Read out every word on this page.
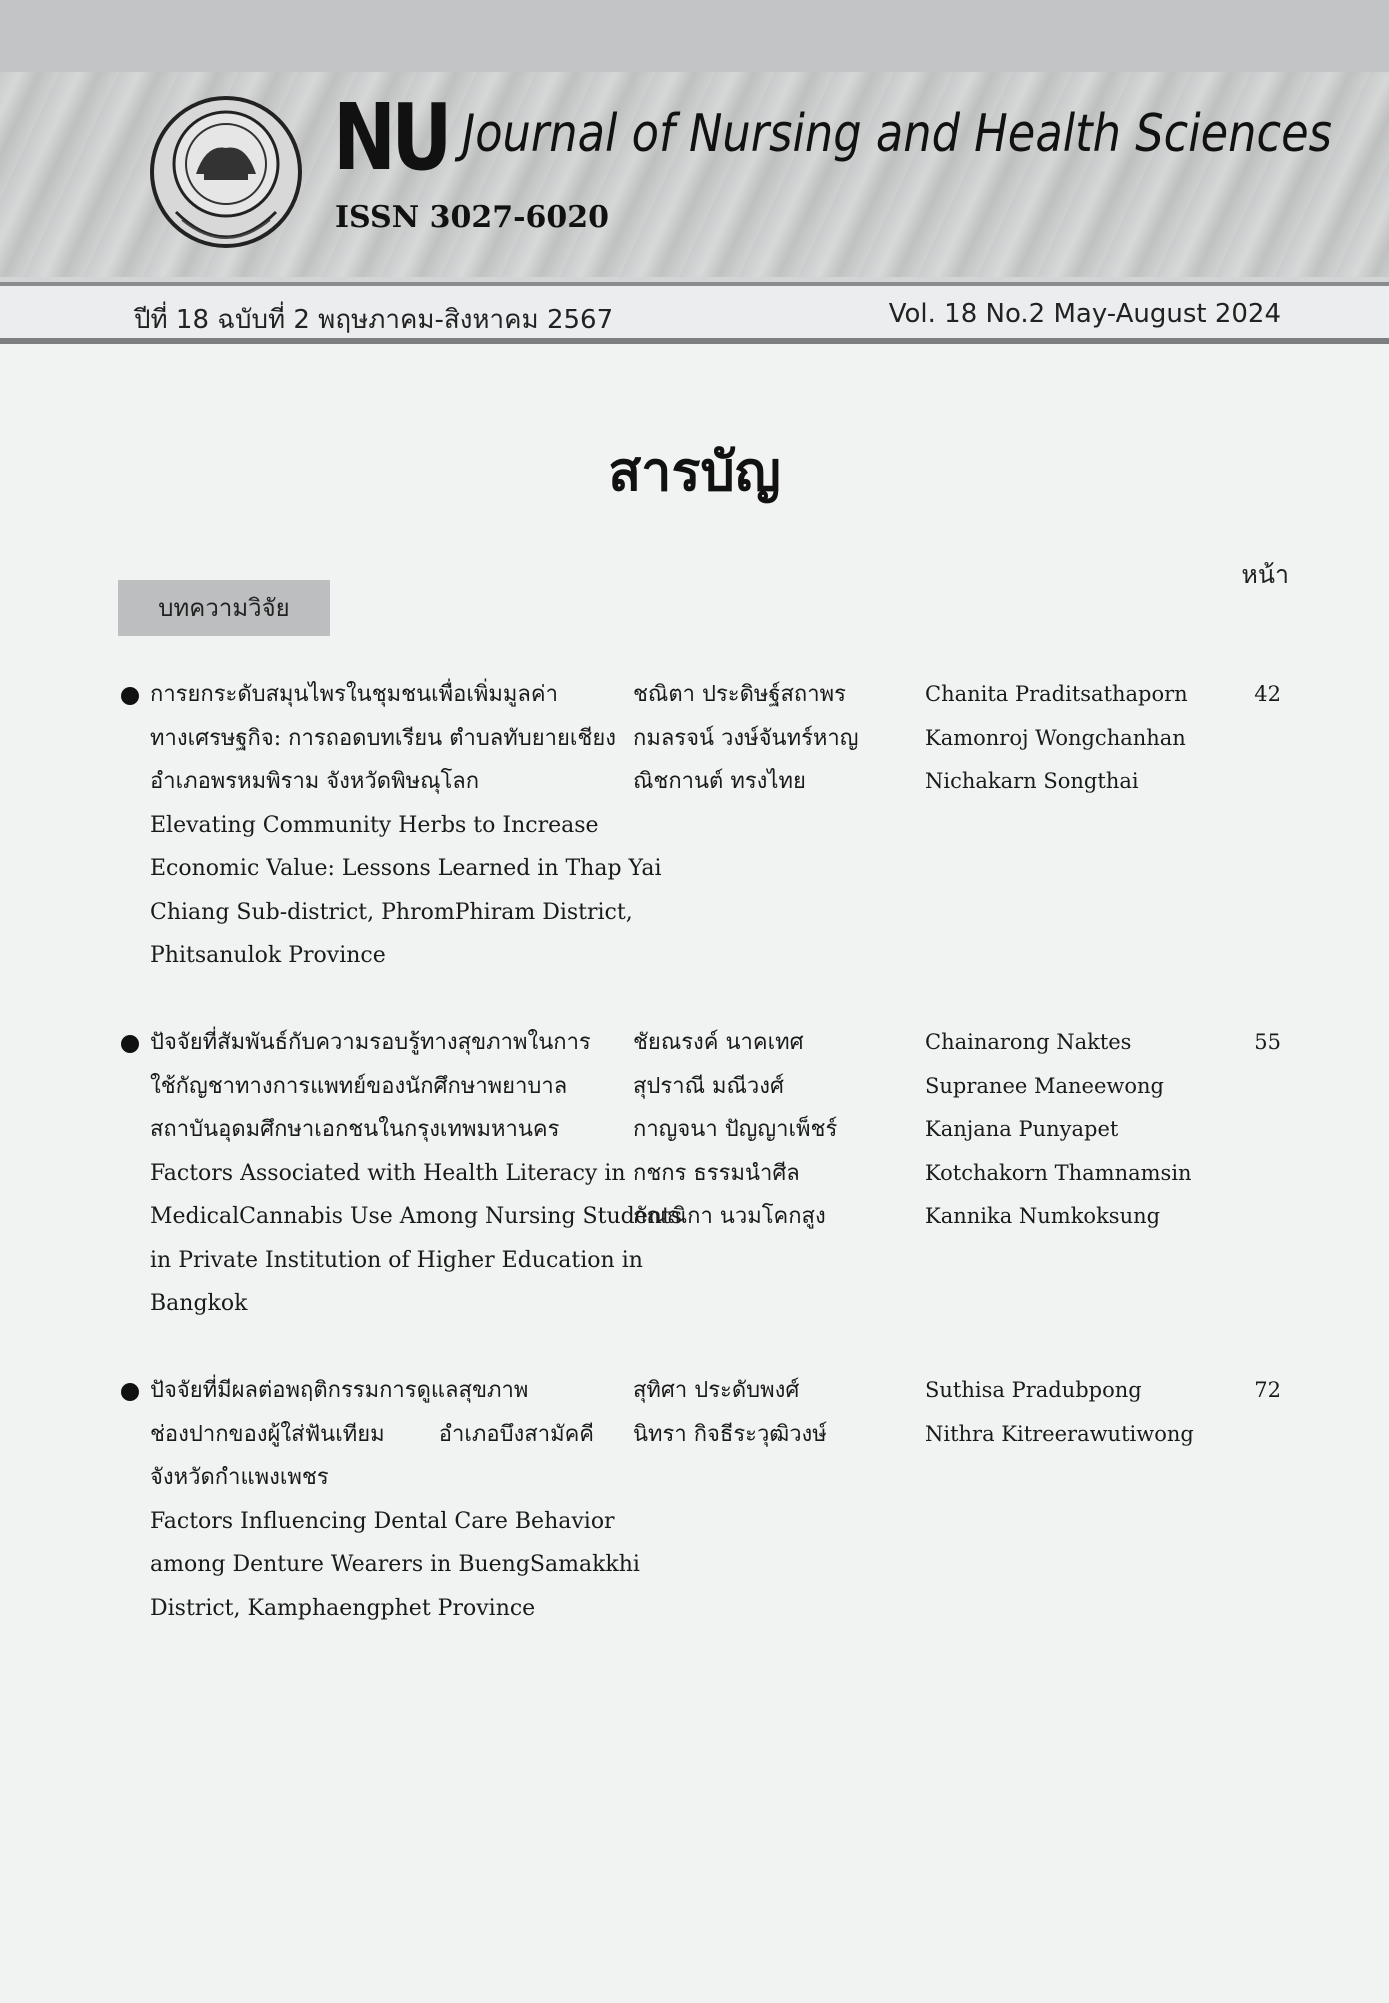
NU Journal of Nursing and Health Sciences
ISSN 3027-6020
ปีที่ 18 ฉบับที่ 2 พฤษภาคม-สิงหาคม 2567	Vol. 18 No.2 May-August 2024
สารบัญ
หน้า
บทความวิจัย
การยกระดับสมุนไพรในชุมชนเพื่อเพิ่มมูลค่า
ทางเศรษฐกิจ: การถอดบทเรียน ตำบลทับยายเชียง
อำเภอพรหมพิราม จังหวัดพิษณุโลก
Elevating Community Herbs to Increase
Economic Value: Lessons Learned in Thap Yai
Chiang Sub-district, PhromPhiram District,
Phitsanulok Province
ชณิตา ประดิษฐ์สถาพร
กมลรจน์ วงษ์จันทร์หาญ
ณิชกานต์ ทรงไทย
Chanita Praditsathaporn
Kamonroj Wongchanhan
Nichakarn Songthai
42
ปัจจัยที่สัมพันธ์กับความรอบรู้ทางสุขภาพในการ
ใช้กัญชาทางการแพทย์ของนักศึกษาพยาบาล
สถาบันอุดมศึกษาเอกชนในกรุงเทพมหานคร
Factors Associated with Health Literacy in
MedicalCannabis Use Among Nursing Students
in Private Institution of Higher Education in
Bangkok
ชัยณรงค์ นาคเทศ
สุปราณี มณีวงศ์
กาญจนา ปัญญาเพ็ชร์
กชกร ธรรมนำศีล
กัณณิกา นวมโคกสูง
Chainarong Naktes
Supranee Maneewong
Kanjana Punyapet
Kotchakorn Thamnamsin
Kannika Numkoksung
55
ปัจจัยที่มีผลต่อพฤติกรรมการดูแลสุขภาพ
ช่องปากของผู้ใส่ฟันเทียม อำเภอบึงสามัคคี
จังหวัดกำแพงเพชร
Factors Influencing Dental Care Behavior
among Denture Wearers in BuengSamakkhi
District, Kamphaengphet Province
สุทิศา ประดับพงศ์
นิทรา กิจธีระวุฒิวงษ์
Suthisa Pradubpong
Nithra Kitreerawutiwong
72
